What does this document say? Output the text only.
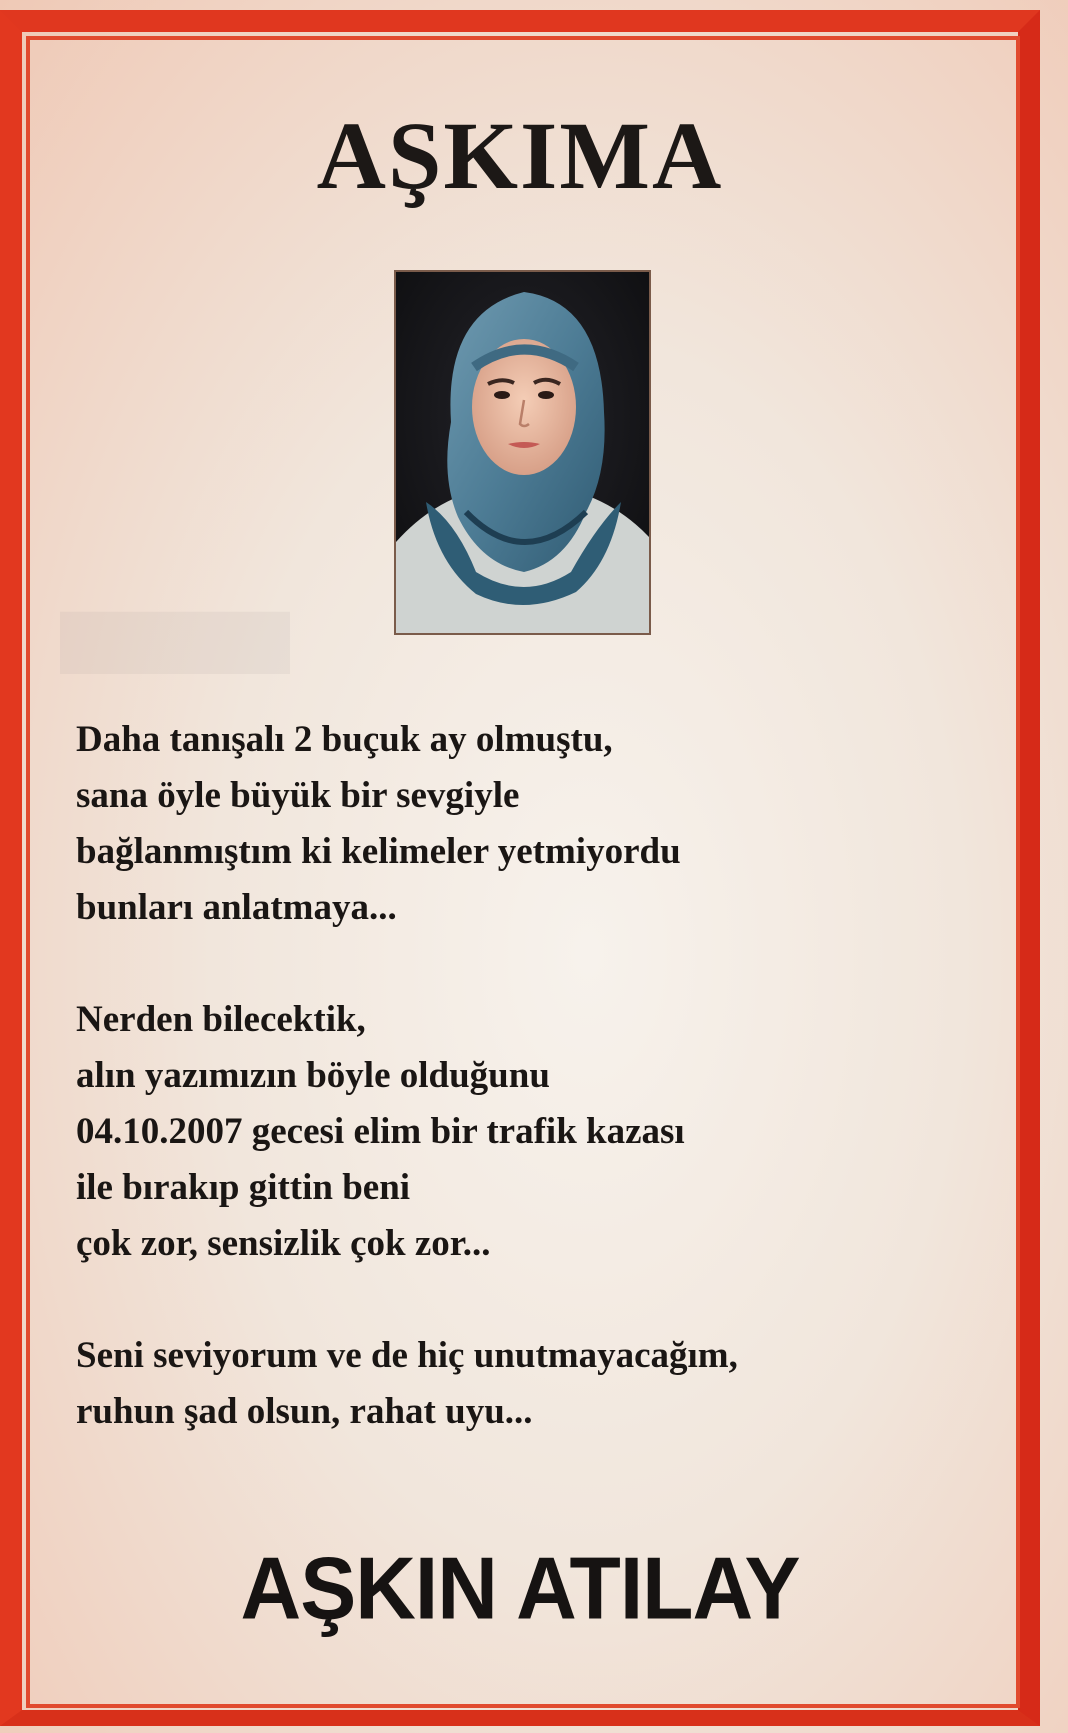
▬
AŞKIMA
Daha tanışalı 2 buçuk ay olmuştu,
sana öyle büyük bir sevgiyle
bağlanmıştım ki kelimeler yetmiyordu
bunları anlatmaya...
Nerden bilecektik,
alın yazımızın böyle olduğunu
04.10.2007 gecesi elim bir trafik kazası
ile bırakıp gittin beni
çok zor, sensizlik çok zor...
Seni seviyorum ve de hiç unutmayacağım,
ruhun şad olsun, rahat uyu...
AŞKIN ATILAY
